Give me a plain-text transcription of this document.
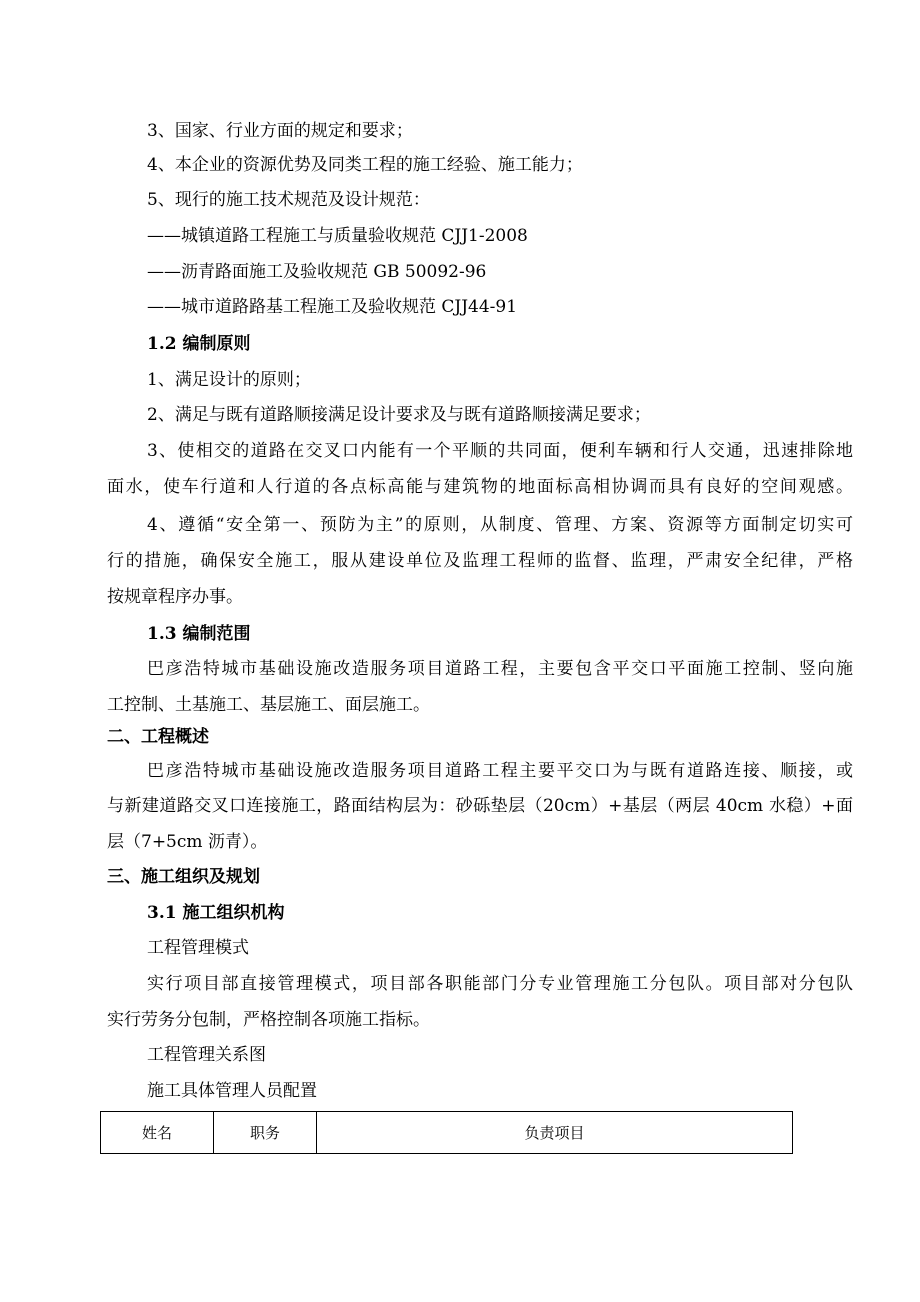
3、国家、行业方面的规定和要求；
4、本企业的资源优势及同类工程的施工经验、施工能力；
5、现行的施工技术规范及设计规范：
——城镇道路工程施工与质量验收规范 CJJ1-2008
——沥青路面施工及验收规范 GB 50092-96
——城市道路路基工程施工及验收规范 CJJ44-91
1.2 编制原则
1、满足设计的原则；
2、满足与既有道路顺接满足设计要求及与既有道路顺接满足要求；
3、使相交的道路在交叉口内能有一个平顺的共同面，便利车辆和行人交通，迅速排除地
面水，使车行道和人行道的各点标高能与建筑物的地面标高相协调而具有良好的空间观感。
4、遵循“安全第一、预防为主”的原则，从制度、管理、方案、资源等方面制定切实可
行的措施，确保安全施工，服从建设单位及监理工程师的监督、监理，严肃安全纪律，严格
按规章程序办事。
1.3 编制范围
巴彦浩特城市基础设施改造服务项目道路工程，主要包含平交口平面施工控制、竖向施
工控制、土基施工、基层施工、面层施工。
二、工程概述
巴彦浩特城市基础设施改造服务项目道路工程主要平交口为与既有道路连接、顺接，或
与新建道路交叉口连接施工，路面结构层为：砂砾垫层（20cm）+基层（两层 40cm 水稳）+面
层（7+5cm 沥青）。
三、施工组织及规划
3.1 施工组织机构
工程管理模式
实行项目部直接管理模式，项目部各职能部门分专业管理施工分包队。项目部对分包队
实行劳务分包制，严格控制各项施工指标。
工程管理关系图
施工具体管理人员配置
姓名	职务	负责项目
